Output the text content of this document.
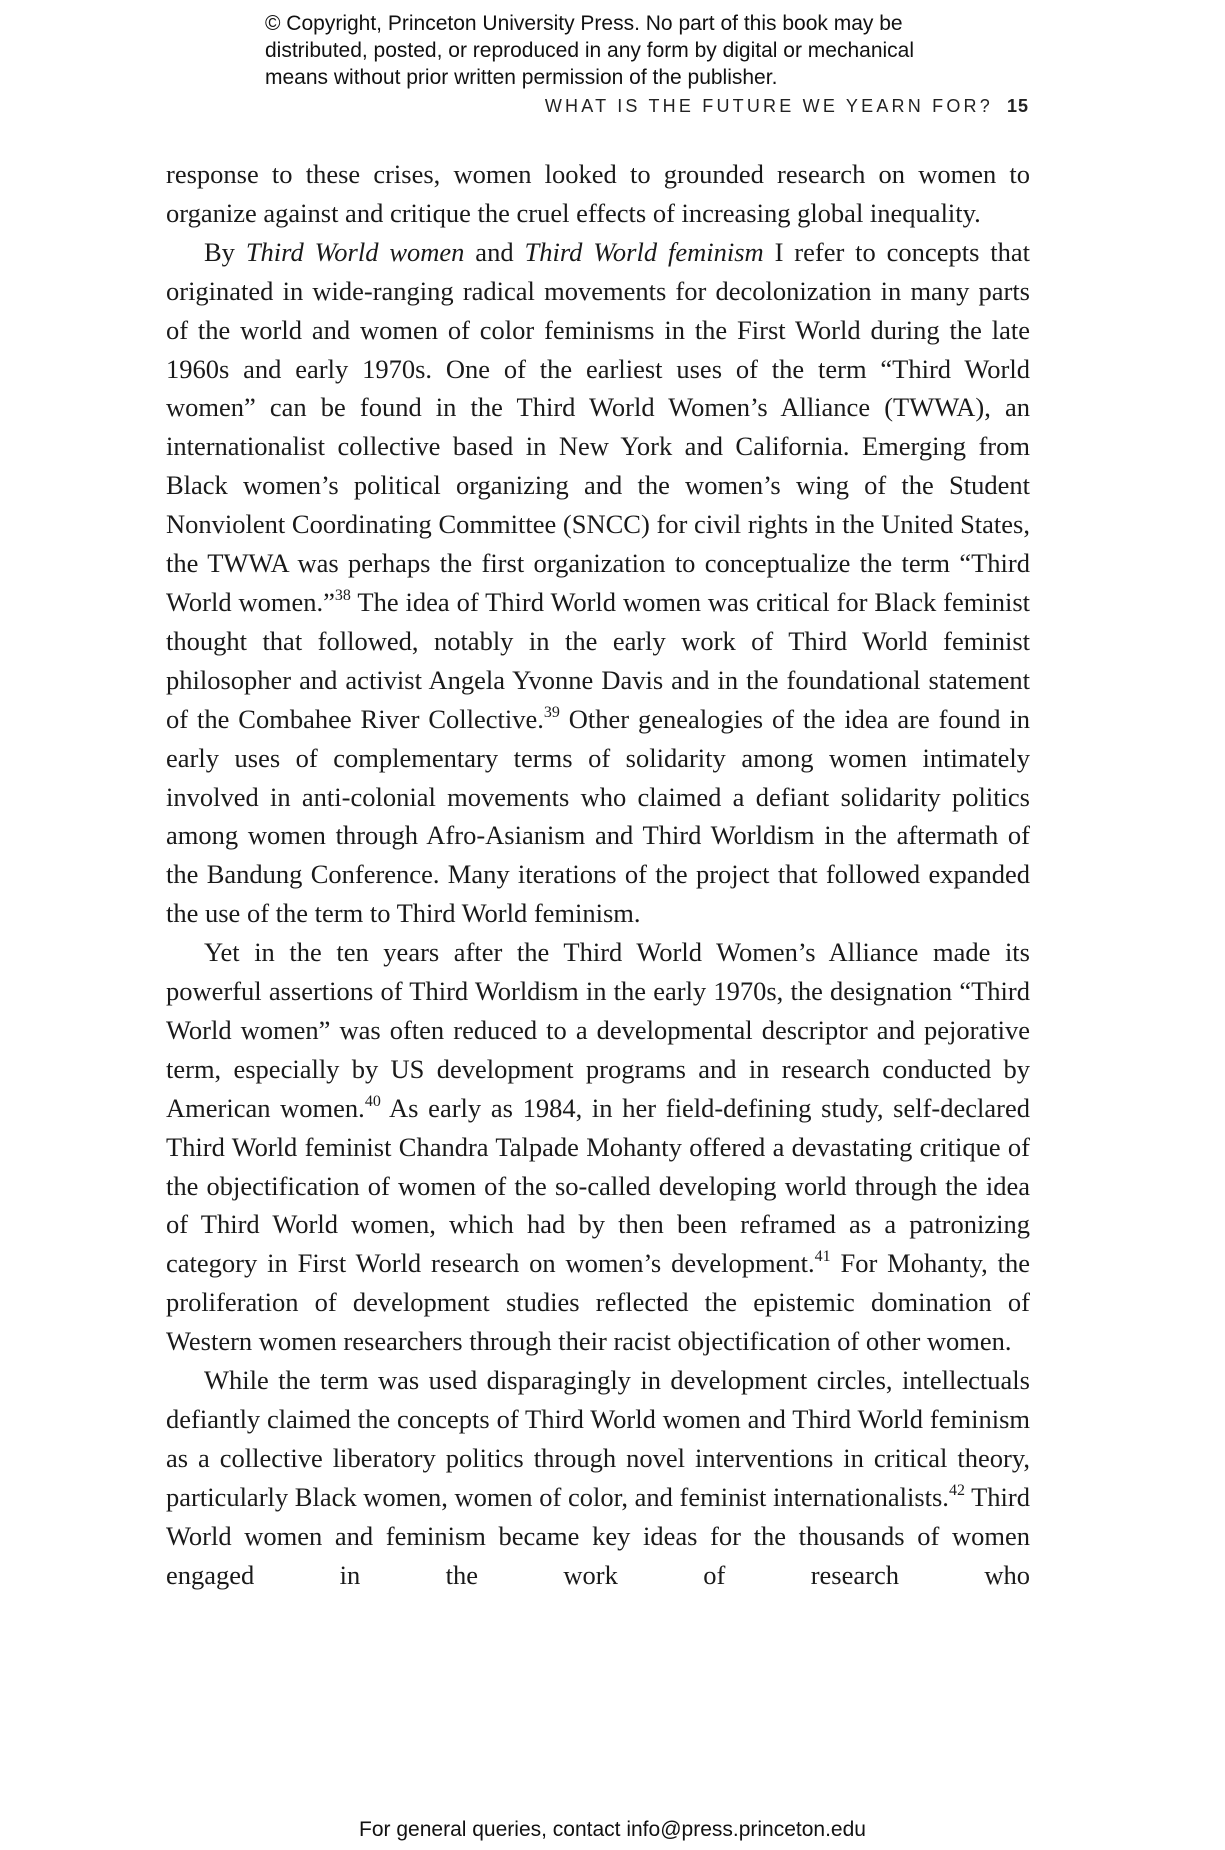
© Copyright, Princeton University Press. No part of this book may be
distributed, posted, or reproduced in any form by digital or mechanical
means without prior written permission of the publisher.
WHAT IS THE FUTURE WE YEARN FOR? 15

response to these crises, women looked to grounded research on women to organize against and critique the cruel effects of increasing global inequality.

By Third World women and Third World feminism I refer to concepts that originated in wide-ranging radical movements for decolonization in many parts of the world and women of color feminisms in the First World during the late 1960s and early 1970s. One of the earliest uses of the term “Third World women” can be found in the Third World Women’s Alliance (TWWA), an internationalist collective based in New York and California. Emerging from Black women’s political organizing and the women’s wing of the Student Nonviolent Coordinating Committee (SNCC) for civil rights in the United States, the TWWA was perhaps the first organization to conceptualize the term “Third World women.”$^{38}$ The idea of Third World women was critical for Black feminist thought that followed, notably in the early work of Third World feminist philosopher and activist Angela Yvonne Davis and in the foundational statement of the Combahee River Collective.$^{39}$ Other genealogies of the idea are found in early uses of complementary terms of solidarity among women intimately involved in anti-colonial movements who claimed a defiant solidarity politics among women through Afro-Asianism and Third Worldism in the aftermath of the Bandung Conference. Many iterations of the project that followed expanded the use of the term to Third World feminism.

Yet in the ten years after the Third World Women’s Alliance made its powerful assertions of Third Worldism in the early 1970s, the designation “Third World women” was often reduced to a developmental descriptor and pejorative term, especially by US development programs and in research conducted by American women.$^{40}$ As early as 1984, in her field-defining study, self-declared Third World feminist Chandra Talpade Mohanty offered a devastating critique of the objectification of women of the so-called developing world through the idea of Third World women, which had by then been reframed as a patronizing category in First World research on women’s development.$^{41}$ For Mohanty, the proliferation of development studies reflected the epistemic domination of Western women researchers through their racist objectification of other women.

While the term was used disparagingly in development circles, intellectuals defiantly claimed the concepts of Third World women and Third World feminism as a collective liberatory politics through novel interventions in critical theory, particularly Black women, women of color, and feminist internationalists.$^{42}$ Third World women and feminism became key ideas for the thousands of women engaged in the work of research who

For general queries, contact info@press.princeton.edu
